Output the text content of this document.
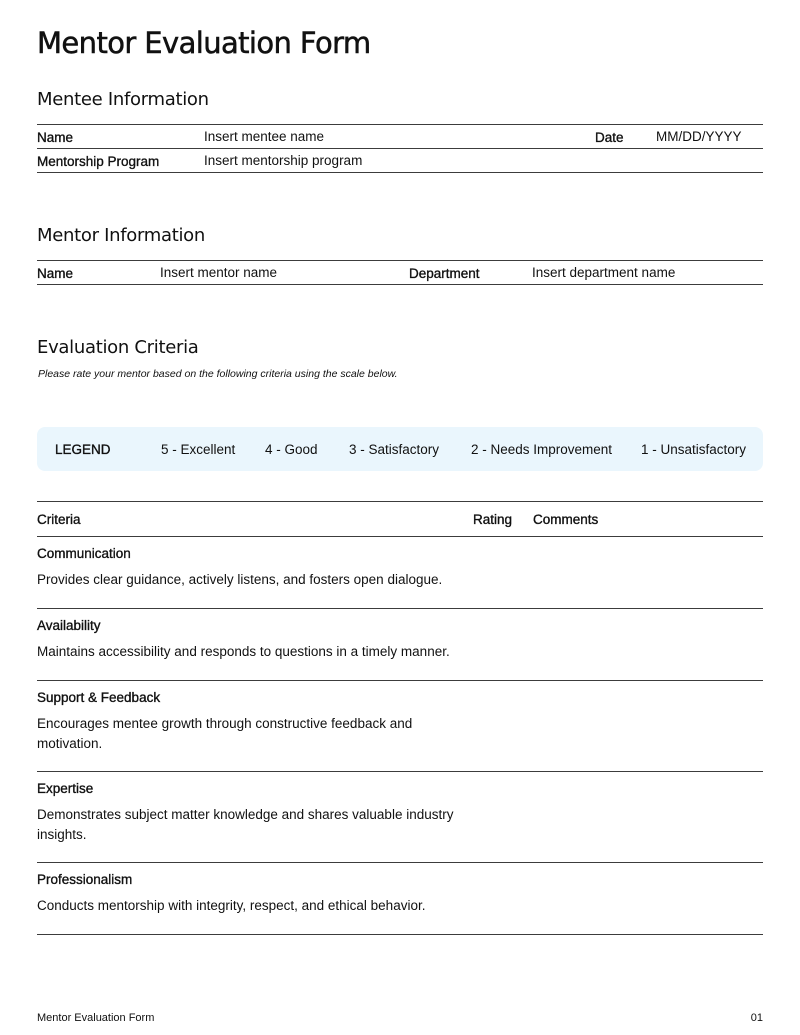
Mentor Evaluation Form
Mentee Information
Name	Insert mentee name	Date MM/DD/YYYY
Mentorship Program	Insert mentorship program
Mentor Information
Name	Insert mentor name	Department	Insert department name
Evaluation Criteria
Please rate your mentor based on the following criteria using the scale below.
LEGEND	5 - Excellent 4 - Good 3 - Satisfactory 2 - Needs Improvement 1 - Unsatisfactory
Criteria	Rating Comments
Communication
Provides clear guidance, actively listens, and fosters open dialogue.
Availability
Maintains accessibility and responds to questions in a timely manner.
Support & Feedback
Encourages mentee growth through constructive feedback and motivation.
Expertise
Demonstrates subject matter knowledge and shares valuable industry insights.
Professionalism
Conducts mentorship with integrity, respect, and ethical behavior.
Mentor Evaluation Form	01
